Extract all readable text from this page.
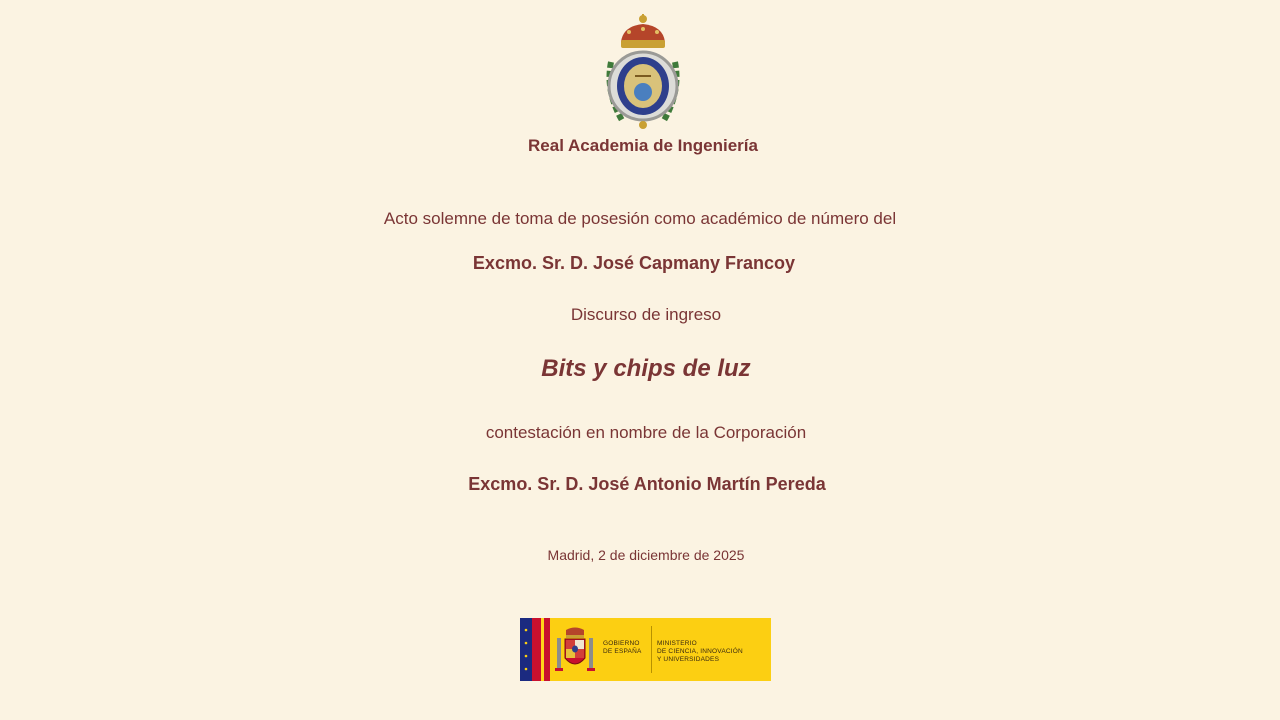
Real Academia de Ingeniería
Acto solemne de toma de posesión como académico de número del
Excmo. Sr. D. José Capmany Francoy
Discurso de ingreso
Bits y chips de luz
contestación en nombre de la Corporación
Excmo. Sr. D. José Antonio Martín Pereda
Madrid, 2 de diciembre de 2025
GOBIERNO
DE ESPAÑA
MINISTERIO
DE CIENCIA, INNOVACIÓN
Y UNIVERSIDADES
